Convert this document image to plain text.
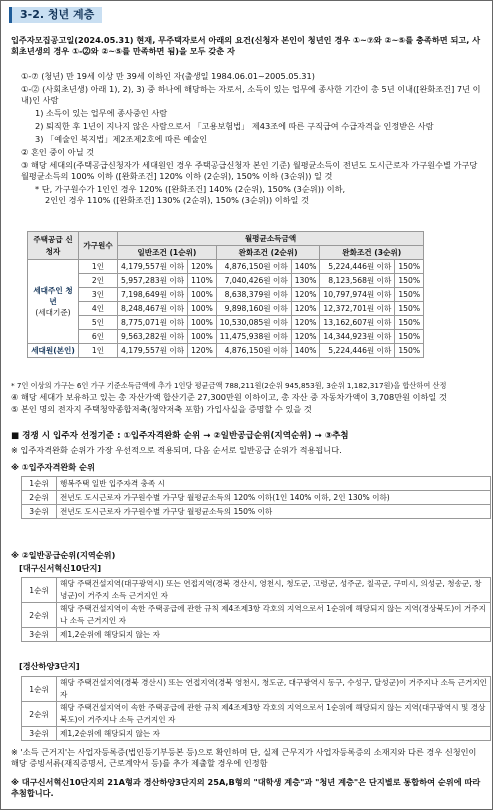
3-2. 청년 계층
입주자모집공고일(2024.05.31) 현재, 무주택자로서 아래의 요건(신청자 본인이 청년인 경우 ①~⑦와 ②~⑤를 충족하면 되고, 사회초년생의 경우 ①-⓶와 ②~⑤를 만족하면 됨)을 모두 갖춘 자
①-⑦ (청년) 만 19세 이상 만 39세 이하인 자(출생일 1984.06.01~2005.05.31)
①-⓶ (사회초년생) 아래 1), 2), 3) 중 하나에 해당하는 자로서, 소득이 있는 업무에 종사한 기간이 총 5년 이내([완화조건] 7년 이내)인 사람
1) 소득이 있는 업무에 종사중인 사람
2) 퇴직한 후 1년이 지나지 않은 사람으로서 「고용보험법」 제43조에 따른 구직급여 수급자격을 인정받은 사람
3) 「예술인 복지법」제2조제2호에 따른 예술인
② 혼인 중이 아닐 것
③ 해당 세대의(주택공급신청자가 세대원인 경우 주택공급신청자 본인 기준) 월평균소득이 전년도 도시근로자 가구원수별 가구당 월평균소득의 100% 이하 ([완화조건] 120% 이하 (2순위), 150% 이하 (3순위)) 일 것
* 단, 가구원수가 1인인 경우 120% ([완화조건] 140% (2순위), 150% (3순위)) 이하,
2인인 경우 110% ([완화조건] 130% (2순위), 150% (3순위)) 이하일 것
주택공급 신청자	가구원수	월평균소득금액					
		일반조건 (1순위)		완화조건 (2순위)		완화조건 (3순위)	

세대주인 청년
(세대기준)	1인	4,179,557원 이하	120%	4,876,150원 이하	140%	5,224,446원 이하	150%
	2인	5,957,283원 이하	110%	7,040,426원 이하	130%	8,123,568원 이하	150%
	3인	7,198,649원 이하	100%	8,638,379원 이하	120%	10,797,974원 이하	150%
	4인	8,248,467원 이하	100%	9,898,160원 이하	120%	12,372,701원 이하	150%
	5인	8,775,071원 이하	100%	10,530,085원 이하	120%	13,162,607원 이하	150%
	6인	9,563,282원 이하	100%	11,475,938원 이하	120%	14,344,923원 이하	150%
세대원(본인)	1인	4,179,557원 이하	120%	4,876,150원 이하	140%	5,224,446원 이하	150%
* 7인 이상의 가구는 6인 가구 기준소득금액에 추가 1인당 평균금액 788,211원(2순위 945,853원, 3순위 1,182,317원)을 합산하여 산정
④ 해당 세대가 보유하고 있는 총 자산가액 합산기준 27,300만원 이하이고, 총 자산 중 자동차가액이 3,708만원 이하일 것
⑤ 본인 명의 전자지 주택청약종합저축(청약저축 포함) 가입사실을 증명할 수 있을 것
■ 경쟁 시 입주자 선정기준 : ①입주자격완화 순위 → ②일반공급순위(지역순위) → ③추첨
※ 입주자격완화 순위가 가장 우선적으로 적용되며, 다음 순서로 일반공급 순위가 적용됩니다.
※ ①입주자격완화 순위
1순위	행복주택 일반 입주자격 충족 시
2순위	전년도 도시근로자 가구원수별 가구당 월평균소득의 120% 이하(1인 140% 이하, 2인 130% 이하)
3순위	전년도 도시근로자 가구원수별 가구당 월평균소득의 150% 이하
※ ②일반공급순위(지역순위)
[대구신서혁신10단지]
1순위	해당 주택건설지역(대구광역시) 또는 연접지역(경북 경산시, 영천시, 청도군, 고령군, 성주군, 칠곡군, 구미시, 의성군, 청송군, 창녕군)이 거주지 소득 근거지인 자
2순위	해당 주택건설지역이 속한 주택공급에 관한 규칙 제4조제3항 각호의 지역으로서 1순위에 해당되지 않는 지역(경상북도)이 거주지나 소득 근거지인 자
3순위	제1,2순위에 해당되지 않는 자
[경산하양3단지]
1순위	해당 주택건설지역(경북 경산시) 또는 연접지역(경북 영천시, 청도군, 대구광역시 동구, 수성구, 달성군)이 거주지나 소득 근거지인 자
2순위	해당 주택건설지역이 속한 주택공급에 관한 규칙 제4조제3항 각호의 지역으로서 1순위에 해당되지 않는 지역(대구광역시 및 경상북도)이 거주지나 소득 근거지인 자
3순위	제1,2순위에 해당되지 않는 자
※ '소득 근거지'는 사업자등록증(법인등기부등본 등)으로 확인하며 단, 실제 근무지가 사업자등록증의 소재지와 다른 경우 신청인이 해당 증빙서류(재직증명서, 근로계약서 등)를 추가 제출할 경우에 인정함
※ 대구신서혁신10단지의 21A형과 경산하양3단지의 25A,B형의 "대학생 계층"과 "청년 계층"은 단지별로 통합하여 순위에 따라 추첨합니다.
